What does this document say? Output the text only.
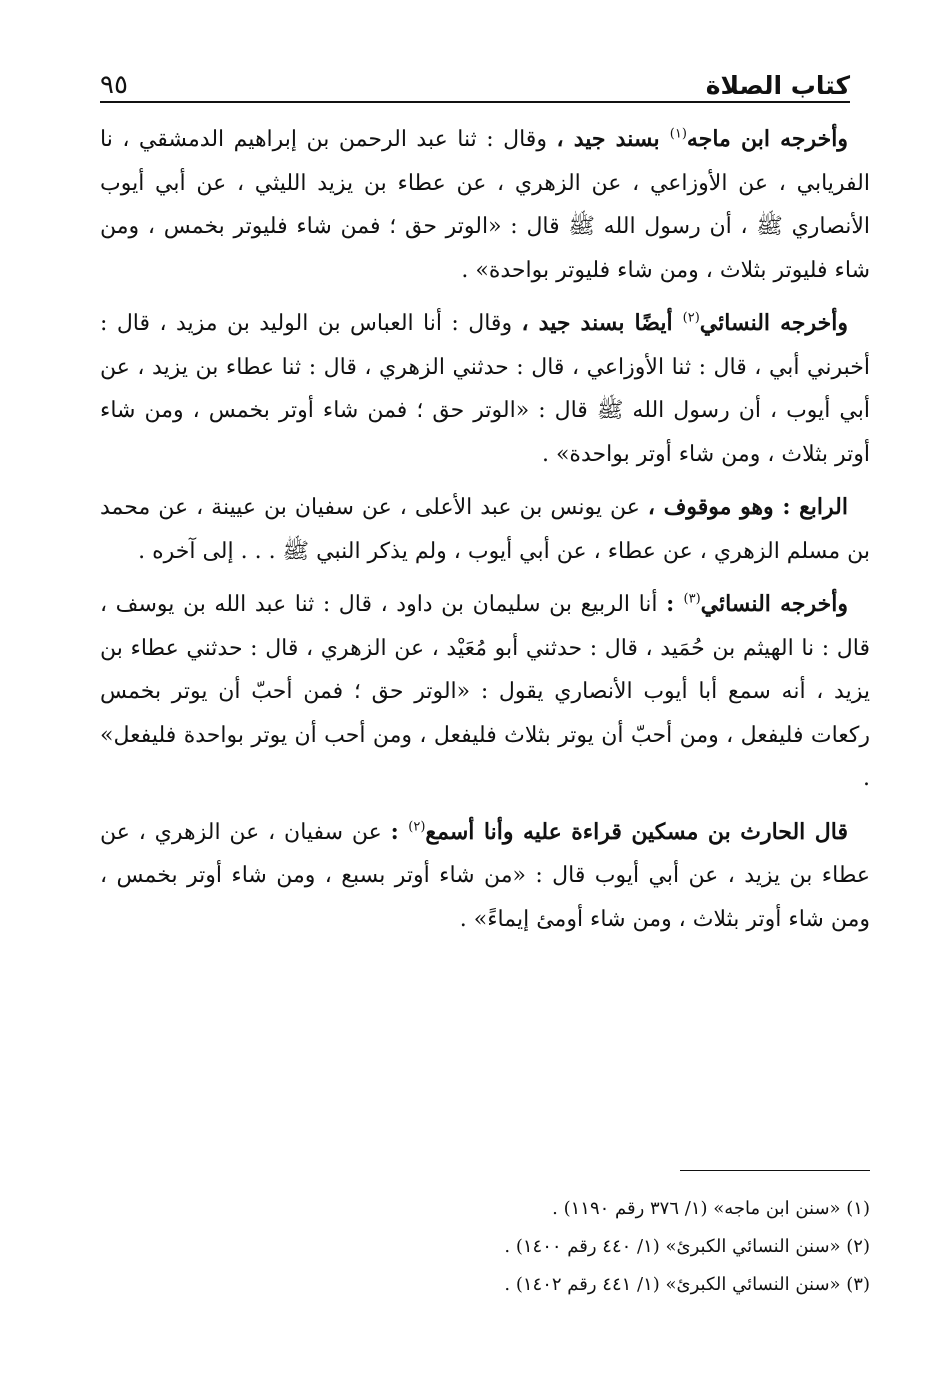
كتاب الصلاة
٩٥

وأخرجه ابن ماجه$^{(١)}$ بسند جيد ، وقال : ثنا عبد الرحمن بن إبراهيم الدمشقي ، نا الفريابي ، عن الأوزاعي ، عن الزهري ، عن عطاء بن يزيد الليثي ، عن أبي أيوب الأنصاري ﷺ ، أن رسول الله ﷺ قال : «الوتر حق ؛ فمن شاء فليوتر بخمس ، ومن شاء فليوتر بثلاث ، ومن شاء فليوتر بواحدة» .

وأخرجه النسائي$^{(٢)}$ أيضًا بسند جيد ، وقال : أنا العباس بن الوليد بن مزيد ، قال : أخبرني أبي ، قال : ثنا الأوزاعي ، قال : حدثني الزهري ، قال : ثنا عطاء بن يزيد ، عن أبي أيوب ، أن رسول الله ﷺ قال : «الوتر حق ؛ فمن شاء أوتر بخمس ، ومن شاء أوتر بثلاث ، ومن شاء أوتر بواحدة» .

الرابع : وهو موقوف ، عن يونس بن عبد الأعلى ، عن سفيان بن عيينة ، عن محمد بن مسلم الزهري ، عن عطاء ، عن أبي أيوب ، ولم يذكر النبي ﷺ . . . إلى آخره .

وأخرجه النسائي$^{(٣)}$ : أنا الربيع بن سليمان بن داود ، قال : ثنا عبد الله بن يوسف ، قال : نا الهيثم بن حُمَيد ، قال : حدثني أبو مُعَيْد ، عن الزهري ، قال : حدثني عطاء بن يزيد ، أنه سمع أبا أيوب الأنصاري يقول : «الوتر حق ؛ فمن أحبّ أن يوتر بخمس ركعات فليفعل ، ومن أحبّ أن يوتر بثلاث فليفعل ، ومن أحب أن يوتر بواحدة فليفعل» .

قال الحارث بن مسكين قراءة عليه وأنا أسمع$^{(٢)}$ : عن سفيان ، عن الزهري ، عن عطاء بن يزيد ، عن أبي أيوب قال : «من شاء أوتر بسبع ، ومن شاء أوتر بخمس ، ومن شاء أوتر بثلاث ، ومن شاء أومئ إيماءً» .

(١) «سنن ابن ماجه» (١/ ٣٧٦ رقم ١١٩٠) .
(٢) «سنن النسائي الكبرئ» (١/ ٤٤٠ رقم ١٤٠٠) .
(٣) «سنن النسائي الكبرئ» (١/ ٤٤١ رقم ١٤٠٢) .
